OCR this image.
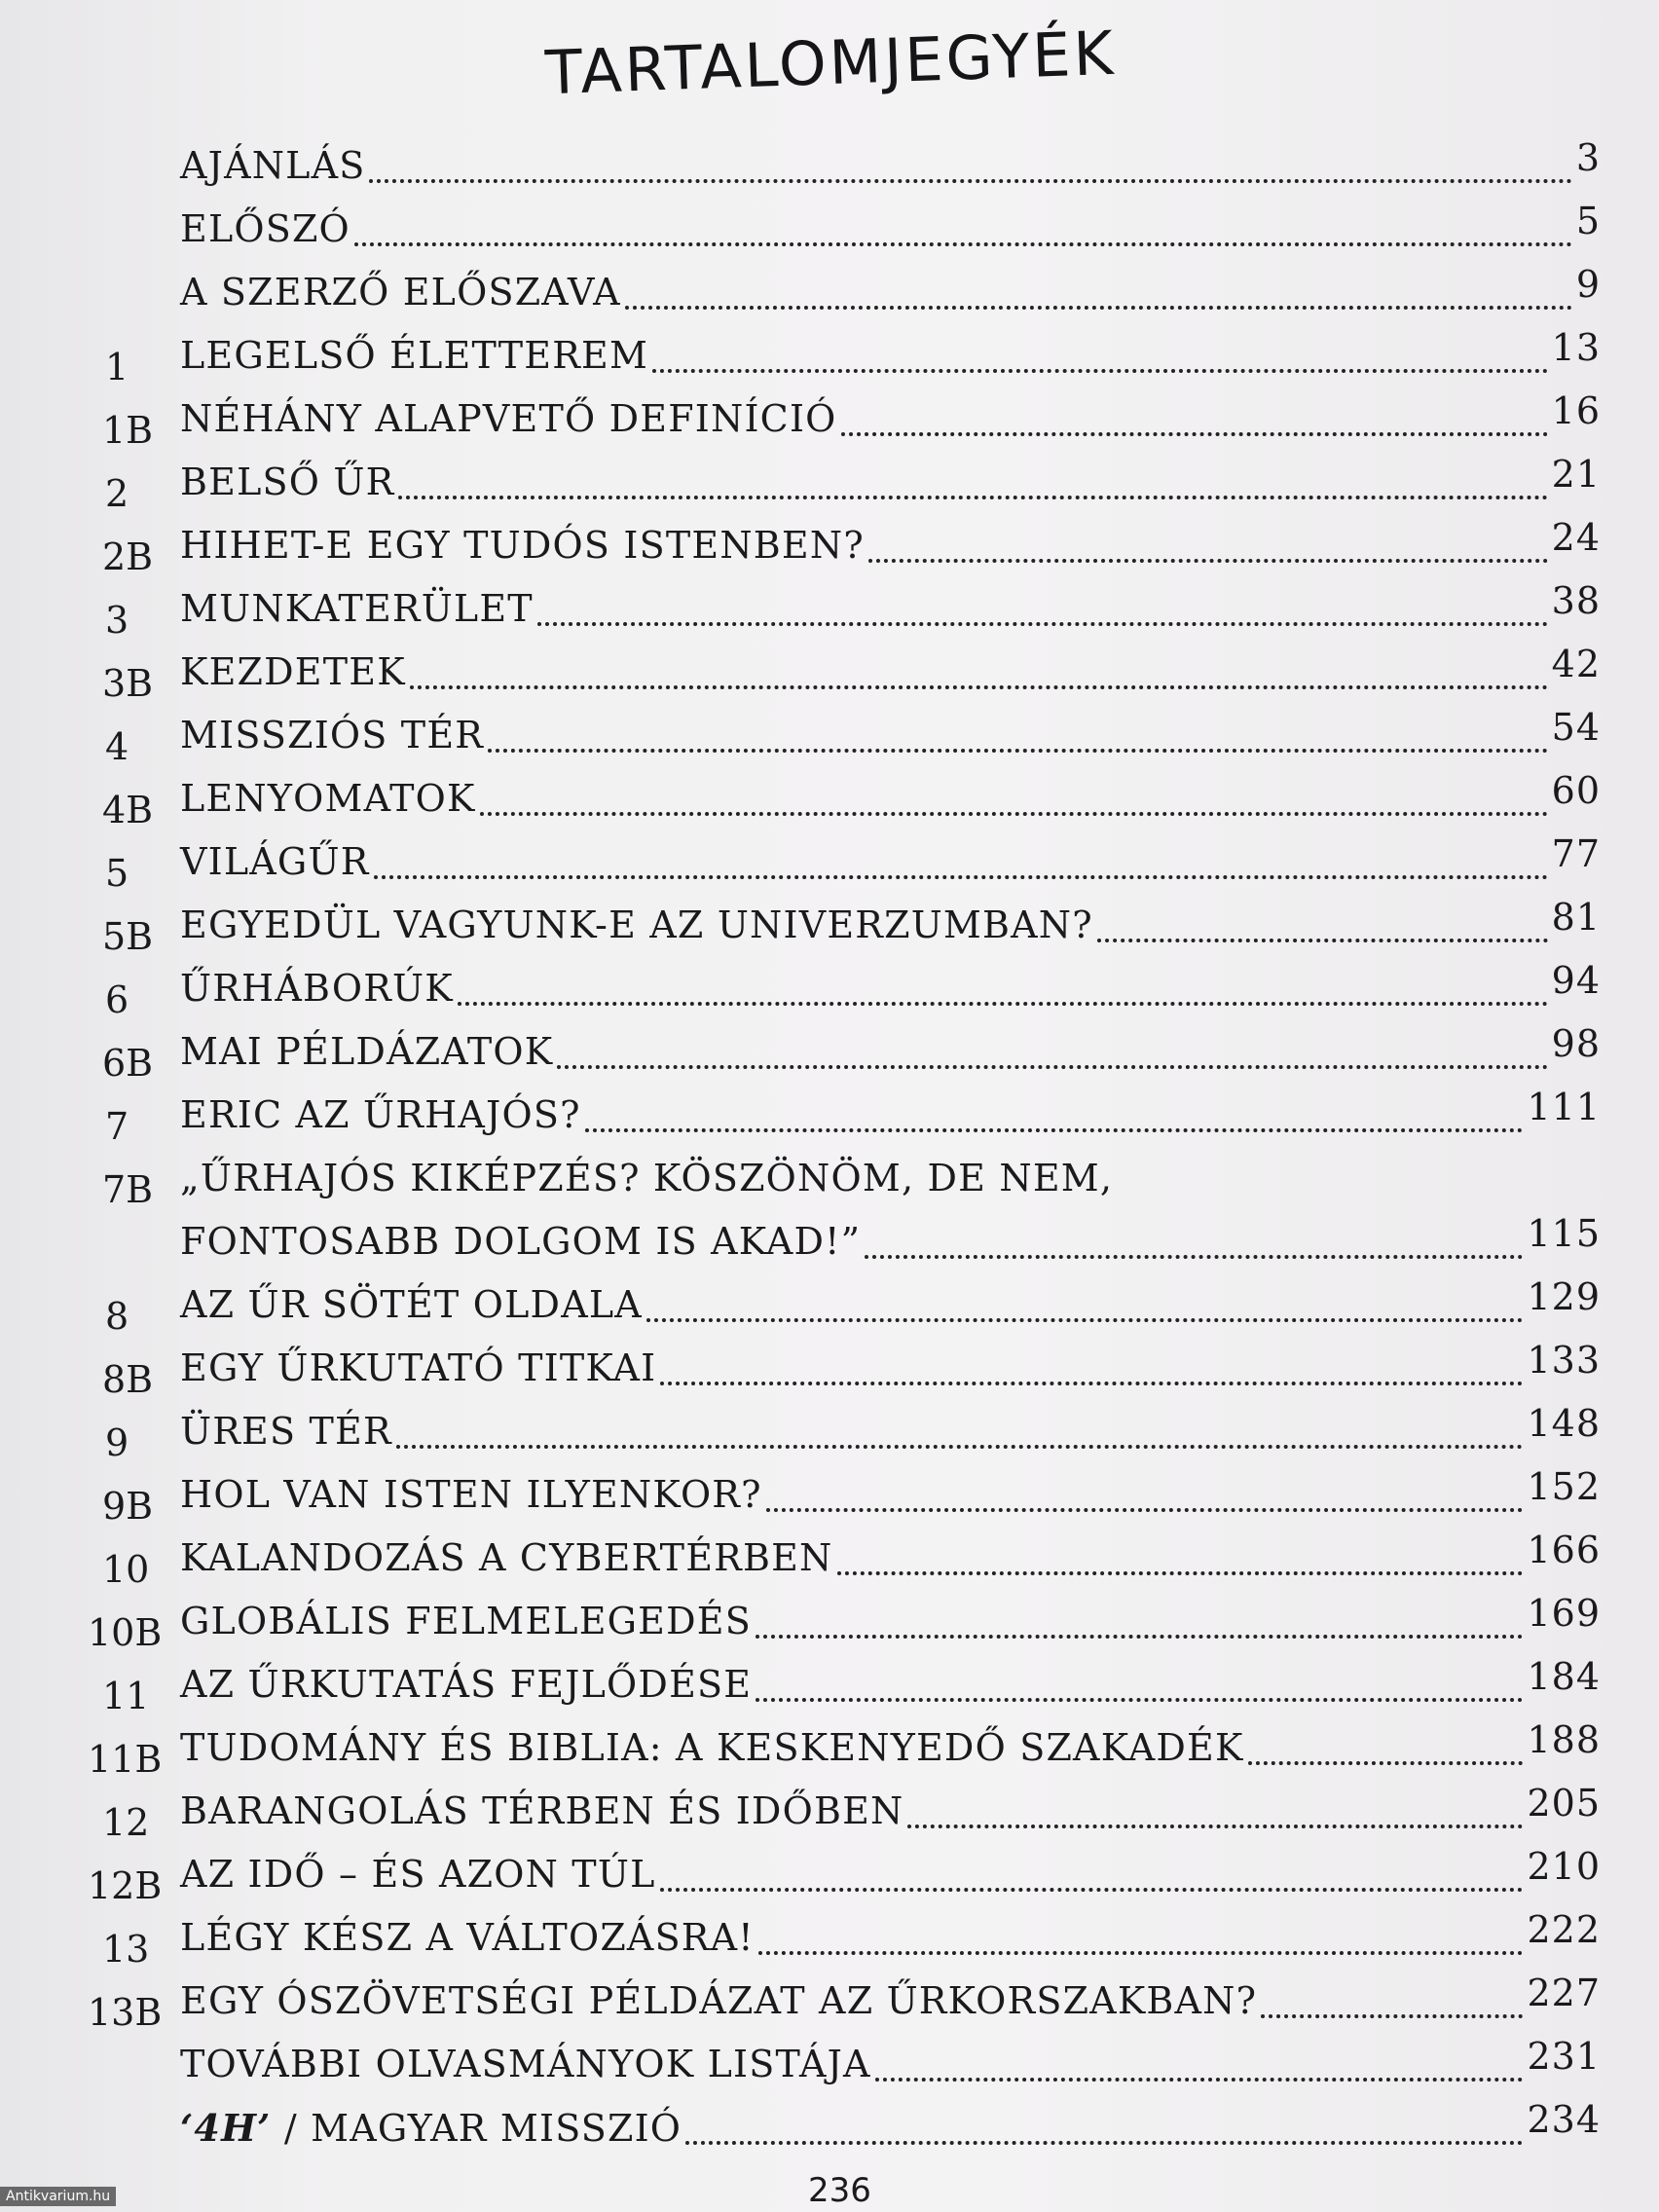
TARTALOMJEGYÉK
AJÁNLÁS	3
ELŐSZÓ	5
A SZERZŐ ELŐSZAVA	9
1 LEGELSŐ ÉLETTEREM	13
1B NÉHÁNY ALAPVETŐ DEFINÍCIÓ	16
2 BELSŐ ŰR	21
2B HIHET-E EGY TUDÓS ISTENBEN?	24
3 MUNKATERÜLET	38
3B KEZDETEK	42
4 MISSZIÓS TÉR	54
4B LENYOMATOK	60
5 VILÁGŰR	77
5B EGYEDÜL VAGYUNK-E AZ UNIVERZUMBAN?	81
6 ŰRHÁBORÚK	94
6B MAI PÉLDÁZATOK	98
7 ERIC AZ ŰRHAJÓS?	111
7B „ŰRHAJÓS KIKÉPZÉS? KÖSZÖNÖM, DE NEM,
FONTOSABB DOLGOM IS AKAD!”	115
8 AZ ŰR SÖTÉT OLDALA	129
8B EGY ŰRKUTATÓ TITKAI	133
9 ÜRES TÉR	148
9B HOL VAN ISTEN ILYENKOR?	152
10 KALANDOZÁS A CYBERTÉRBEN	166
10B GLOBÁLIS FELMELEGEDÉS	169
11 AZ ŰRKUTATÁS FEJLŐDÉSE	184
11B TUDOMÁNY ÉS BIBLIA: A KESKENYEDŐ SZAKADÉK	188
12 BARANGOLÁS TÉRBEN ÉS IDŐBEN	205
12B AZ IDŐ – ÉS AZON TÚL	210
13 LÉGY KÉSZ A VÁLTOZÁSRA!	222
13B EGY ÓSZÖVETSÉGI PÉLDÁZAT AZ ŰRKORSZAKBAN?	227
TOVÁBBI OLVASMÁNYOK LISTÁJA	231
‘4H’ / MAGYAR MISSZIÓ	234
236
Antikvarium.hu
